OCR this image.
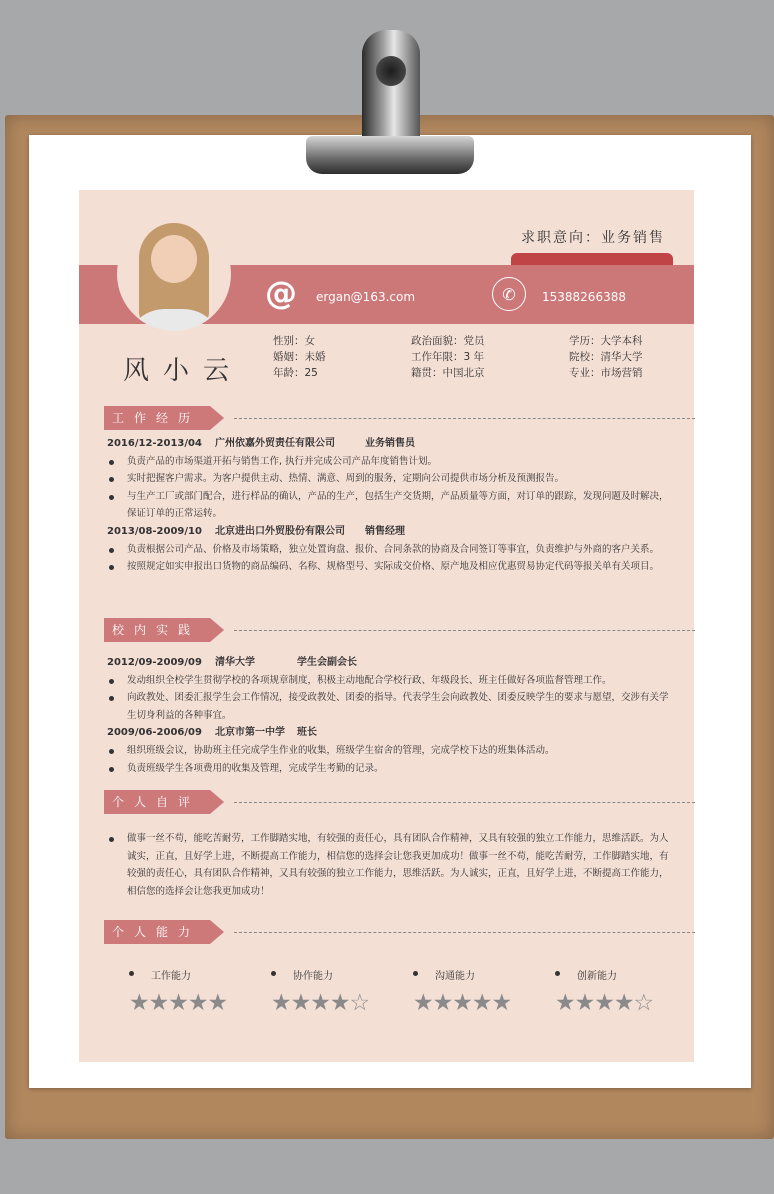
求职意向：业务销售
@ ergan@163.com	✆	15388266388
风小云
性别：女
婚姻：未婚
年龄：25
政治面貌：党员
工作年限：3 年
籍贯：中国北京
学历：大学本科
院校：清华大学
专业：市场营销
工作经历
2016/12-2013/04 广州依嘉外贸责任有限公司	业务销售员
负责产品的市场渠道开拓与销售工作, 执行并完成公司产品年度销售计划。
实时把握客户需求。为客户提供主动、热情、满意、周到的服务，定期向公司提供市场分析及预测报告。
与生产工厂或部门配合，进行样品的确认，产品的生产，包括生产交货期，产品质量等方面，对订单的跟踪，发现问题及时解决，保证订单的正常运转。
2013/08-2009/10 北京进出口外贸股份有限公司 销售经理
负责根据公司产品、价格及市场策略，独立处置询盘、报价、合同条款的协商及合同签订等事宜，负责维护与外商的客户关系。
按照规定如实申报出口货物的商品编码、名称、规格型号、实际成交价格、原产地及相应优惠贸易协定代码等报关单有关项目。
校内实践
2012/09-2009/09 清华大学	学生会副会长
发动组织全校学生贯彻学校的各项规章制度，积极主动地配合学校行政、年级段长、班主任做好各项监督管理工作。
向政教处、团委汇报学生会工作情况，接受政教处、团委的指导。代表学生会向政教处、团委反映学生的要求与愿望，交涉有关学生切身利益的各种事宜。
2009/06-2006/09 北京市第一中学 班长
组织班级会议，协助班主任完成学生作业的收集，班级学生宿舍的管理，完成学校下达的班集体活动。
负责班级学生各项费用的收集及管理，完成学生考勤的记录。
个人自评
做事一丝不苟，能吃苦耐劳，工作脚踏实地，有较强的责任心，具有团队合作精神，又具有较强的独立工作能力，思维活跃。为人诚实，正直，且好学上进，不断提高工作能力，相信您的选择会让您我更加成功！做事一丝不苟，能吃苦耐劳，工作脚踏实地，有较强的责任心，具有团队合作精神，又具有较强的独立工作能力，思维活跃。为人诚实，正直，且好学上进，不断提高工作能力，相信您的选择会让您我更加成功！
个人能力
工作能力
★★★★★
协作能力
★★★★☆
沟通能力
★★★★★
创新能力
★★★★☆
